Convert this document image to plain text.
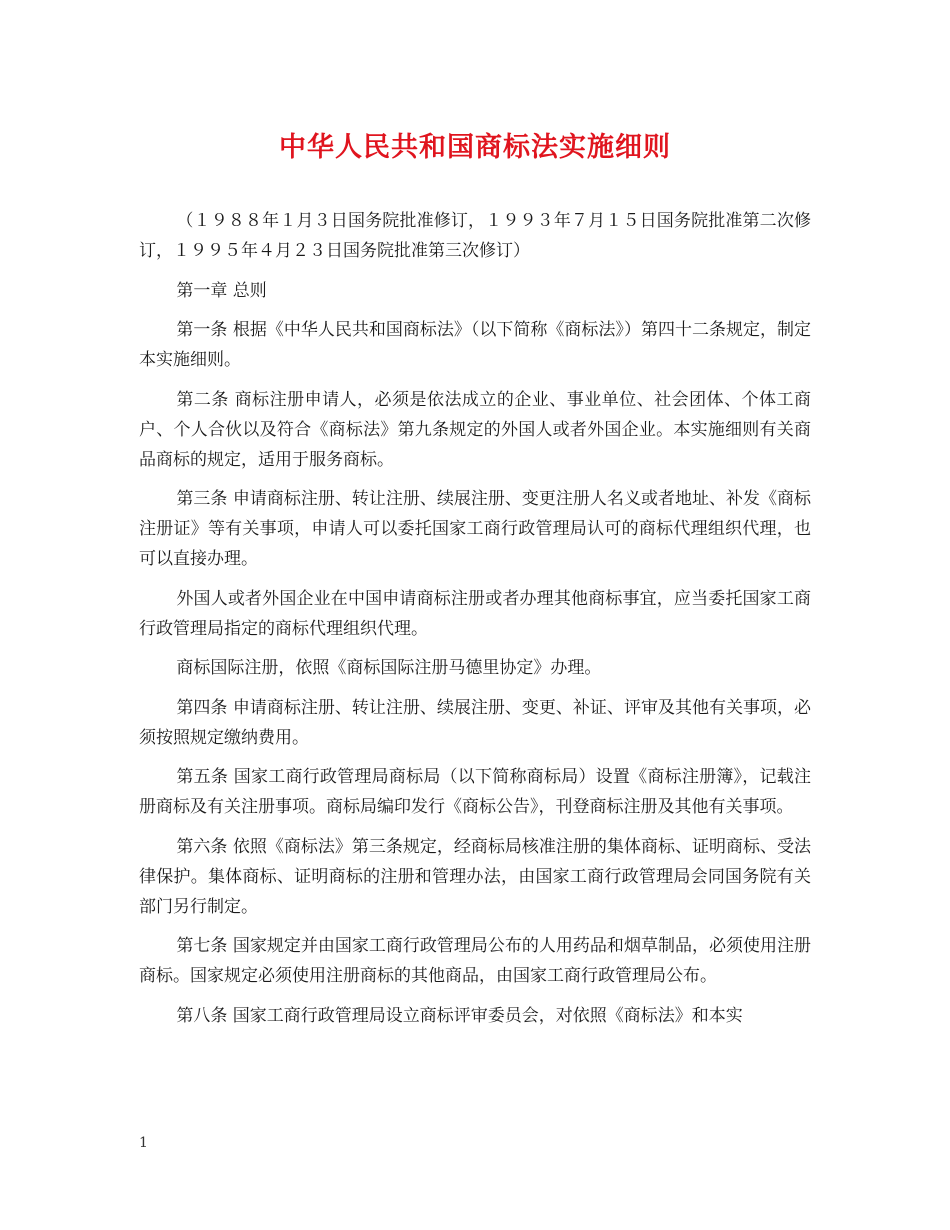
中华人民共和国商标法实施细则

（１９８８年１月３日国务院批准修订，１９９３年７月１５日国务院批准第二次修订，１９９５年４月２３日国务院批准第三次修订）

第一章 总则

第一条 根据《中华人民共和国商标法》（以下简称《商标法》）第四十二条规定，制定本实施细则。

第二条 商标注册申请人，必须是依法成立的企业、事业单位、社会团体、个体工商户、个人合伙以及符合《商标法》第九条规定的外国人或者外国企业。本实施细则有关商品商标的规定，适用于服务商标。

第三条 申请商标注册、转让注册、续展注册、变更注册人名义或者地址、补发《商标注册证》等有关事项，申请人可以委托国家工商行政管理局认可的商标代理组织代理，也可以直接办理。

外国人或者外国企业在中国申请商标注册或者办理其他商标事宜，应当委托国家工商行政管理局指定的商标代理组织代理。

商标国际注册，依照《商标国际注册马德里协定》办理。

第四条 申请商标注册、转让注册、续展注册、变更、补证、评审及其他有关事项，必须按照规定缴纳费用。

第五条 国家工商行政管理局商标局（以下简称商标局）设置《商标注册簿》，记载注册商标及有关注册事项。商标局编印发行《商标公告》，刊登商标注册及其他有关事项。

第六条 依照《商标法》第三条规定，经商标局核准注册的集体商标、证明商标、受法律保护。集体商标、证明商标的注册和管理办法，由国家工商行政管理局会同国务院有关部门另行制定。

第七条 国家规定并由国家工商行政管理局公布的人用药品和烟草制品，必须使用注册商标。国家规定必须使用注册商标的其他商品，由国家工商行政管理局公布。

第八条 国家工商行政管理局设立商标评审委员会，对依照《商标法》和本实

1
